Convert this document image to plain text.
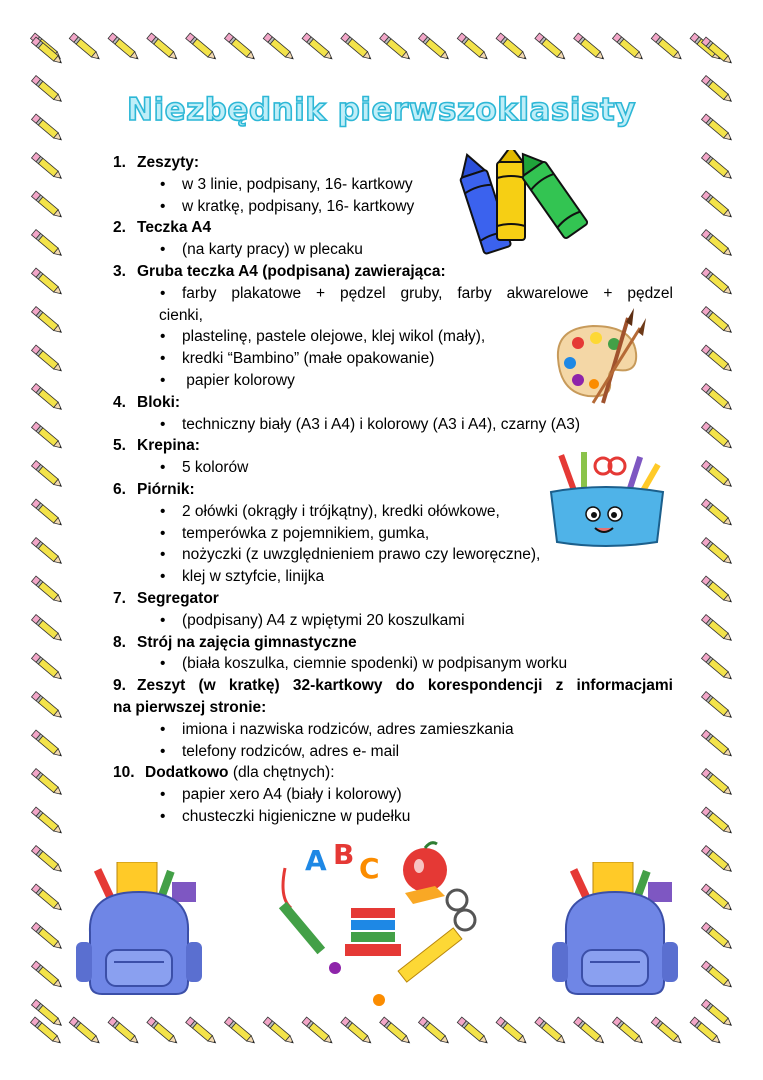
Niezbędnik pierwszoklasisty
1. Zeszyty:
• w 3 linie, podpisany, 16- kartkowy
• w kratkę, podpisany, 16- kartkowy
2. Teczka A4
• (na karty pracy) w plecaku
3. Gruba teczka A4 (podpisana) zawierająca:
• farby plakatowe + pędzel gruby, farby akwarelowe + pędzel
cienki,
• plastelinę, pastele olejowe, klej wikol (mały),
• kredki “Bambino” (małe opakowanie)
•  papier kolorowy
4. Bloki:
• techniczny biały (A3 i A4) i kolorowy (A3 i A4), czarny (A3)
5. Krepina:
• 5 kolorów
6. Piórnik:
• 2 ołówki (okrągły i trójkątny), kredki ołówkowe,
• temperówka z pojemnikiem, gumka,
• nożyczki (z uwzględnieniem prawo czy leworęczne),
• klej w sztyfcie, linijka
7. Segregator
• (podpisany) A4 z wpiętymi 20 koszulkami
8. Strój na zajęcia gimnastyczne
• (biała koszulka, ciemnie spodenki) w podpisanym worku
9. Zeszyt (w kratkę) 32-kartkowy do korespondencji z informacjami
na pierwszej stronie:
• imiona i nazwiska rodziców, adres zamieszkania
• telefony rodziców, adres e- mail
10. Dodatkowo (dla chętnych):
• papier xero A4 (biały i kolorowy)
• chusteczki higieniczne w pudełku
A B C
